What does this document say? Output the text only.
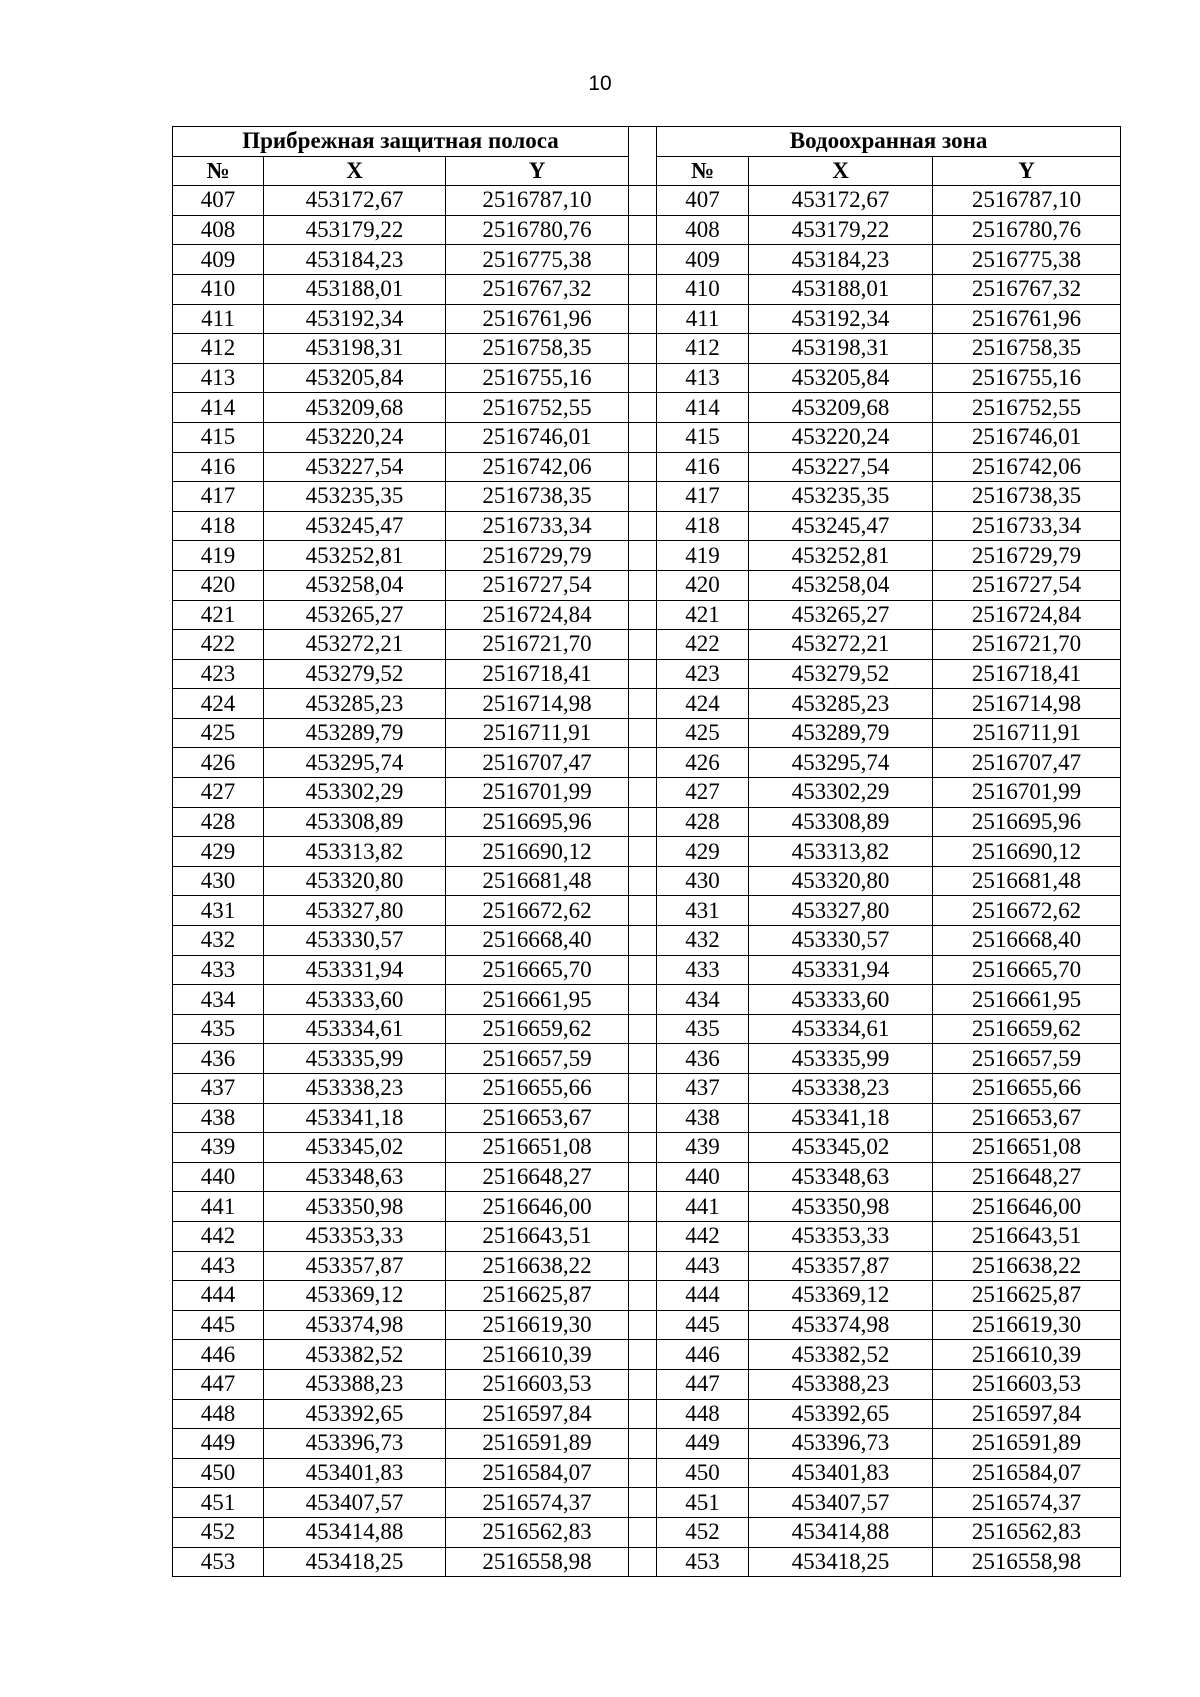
10
Прибрежная защитная полоса				Водоохранная зона		
№	X	Y		№	X	Y
407	453172,67	2516787,10		407	453172,67	2516787,10
408	453179,22	2516780,76		408	453179,22	2516780,76
409	453184,23	2516775,38		409	453184,23	2516775,38
410	453188,01	2516767,32		410	453188,01	2516767,32
411	453192,34	2516761,96		411	453192,34	2516761,96
412	453198,31	2516758,35		412	453198,31	2516758,35
413	453205,84	2516755,16		413	453205,84	2516755,16
414	453209,68	2516752,55		414	453209,68	2516752,55
415	453220,24	2516746,01		415	453220,24	2516746,01
416	453227,54	2516742,06		416	453227,54	2516742,06
417	453235,35	2516738,35		417	453235,35	2516738,35
418	453245,47	2516733,34		418	453245,47	2516733,34
419	453252,81	2516729,79		419	453252,81	2516729,79
420	453258,04	2516727,54		420	453258,04	2516727,54
421	453265,27	2516724,84		421	453265,27	2516724,84
422	453272,21	2516721,70		422	453272,21	2516721,70
423	453279,52	2516718,41		423	453279,52	2516718,41
424	453285,23	2516714,98		424	453285,23	2516714,98
425	453289,79	2516711,91		425	453289,79	2516711,91
426	453295,74	2516707,47		426	453295,74	2516707,47
427	453302,29	2516701,99		427	453302,29	2516701,99
428	453308,89	2516695,96		428	453308,89	2516695,96
429	453313,82	2516690,12		429	453313,82	2516690,12
430	453320,80	2516681,48		430	453320,80	2516681,48
431	453327,80	2516672,62		431	453327,80	2516672,62
432	453330,57	2516668,40		432	453330,57	2516668,40
433	453331,94	2516665,70		433	453331,94	2516665,70
434	453333,60	2516661,95		434	453333,60	2516661,95
435	453334,61	2516659,62		435	453334,61	2516659,62
436	453335,99	2516657,59		436	453335,99	2516657,59
437	453338,23	2516655,66		437	453338,23	2516655,66
438	453341,18	2516653,67		438	453341,18	2516653,67
439	453345,02	2516651,08		439	453345,02	2516651,08
440	453348,63	2516648,27		440	453348,63	2516648,27
441	453350,98	2516646,00		441	453350,98	2516646,00
442	453353,33	2516643,51		442	453353,33	2516643,51
443	453357,87	2516638,22		443	453357,87	2516638,22
444	453369,12	2516625,87		444	453369,12	2516625,87
445	453374,98	2516619,30		445	453374,98	2516619,30
446	453382,52	2516610,39		446	453382,52	2516610,39
447	453388,23	2516603,53		447	453388,23	2516603,53
448	453392,65	2516597,84		448	453392,65	2516597,84
449	453396,73	2516591,89		449	453396,73	2516591,89
450	453401,83	2516584,07		450	453401,83	2516584,07
451	453407,57	2516574,37		451	453407,57	2516574,37
452	453414,88	2516562,83		452	453414,88	2516562,83
453	453418,25	2516558,98		453	453418,25	2516558,98
